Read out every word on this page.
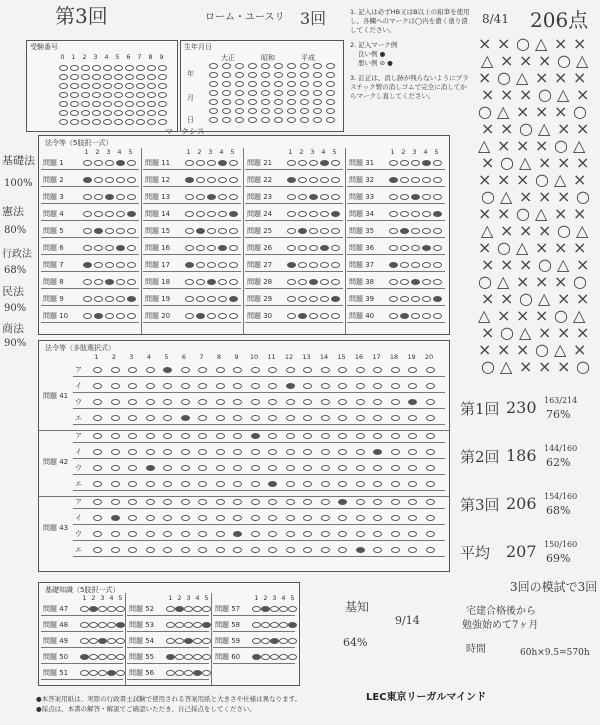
第3回	ローム・ユースリ 3回
受験番号
0	1	2	3	4	5	6	7	8	9
生年月日
大正	昭和	平成
年
月
日
1. 記入は必ずHB又はB以上の鉛筆を使用し、各欄へのマークは◯内を濃く塗り潰してください。
2. 記入マーク例
良い例 ●
悪い例 ⊘ ●
3. 訂正は、消し跡が残らないようにプラスチック製の消しゴムで完全に消してからマークし直してください。
法令等（5肢択一式）
1	2	3	4	5
問題 1
問題 2
問題 3
問題 4
問題 5
問題 6
問題 7
問題 8
問題 9
問題 10
1	2	3	4	5
問題 11
問題 12
問題 13
問題 14
問題 15
問題 16
問題 17
問題 18
問題 19
問題 20
1	2	3	4	5
問題 21
問題 22
問題 23
問題 24
問題 25
問題 26
問題 27
問題 28
問題 29
問題 30
1	2	3	4	5
問題 31
問題 32
問題 33
問題 34
問題 35
問題 36
問題 37
問題 38
問題 39
問題 40
マークシス
法令等（多肢選択式）
1	2	3	4	5	6	7	8	9	10 11 12 13 14 15 16 17 18 19 20
問題 41
ア
イ
ウ
エ
問題 42
ア
イ
ウ
エ
問題 43
ア
イ
ウ
エ
基礎知識（5肢択一式）
1 2 3 4 5
問題 47
問題 48
問題 49
問題 50
問題 51
1 2 3 4 5
問題 52
問題 53
問題 54
問題 55
問題 56
1 2 3 4 5
問題 57
問題 58
問題 59
問題 60
●本答案用紙は、実際の行政書士試験で使用される答案用紙と大きさや仕様は異なります。
●採点は、本書の解答・解説でご確認いただき、自己採点をしてください。
LEC東京リーガルマインド
基礎法
100%
憲法
80%
行政法
68%
民法
90%
商法
90%
8/41 206点
× × ○ △ × ×
△ × × × ○ △
× ○ △ × × ×
× × × ○ △ ×
○ △ × × × ○
× × ○ △ × ×
△ × × × ○ △
× ○ △ × × ×
× × × ○ △ ×
○ △ × × × ○
× × ○ △ × ×
△ × × × ○ △
× ○ △ × × ×
× × × ○ △ ×
○ △ × × × ○
× × ○ △ × ×
△ × × × ○ △
× ○ △ × × ×
× × × ○ △ ×
○ △ × × × ○
第1回 230 163/214
76%
第2回 186 144/160
62%
第3回 206 154/160
68%
平均 207 150/160
69%
3回の模試で3回
基知
9/14
64%
宅建合格後から
勉強始めて7ヶ月
時間	60h×9.5=570h
